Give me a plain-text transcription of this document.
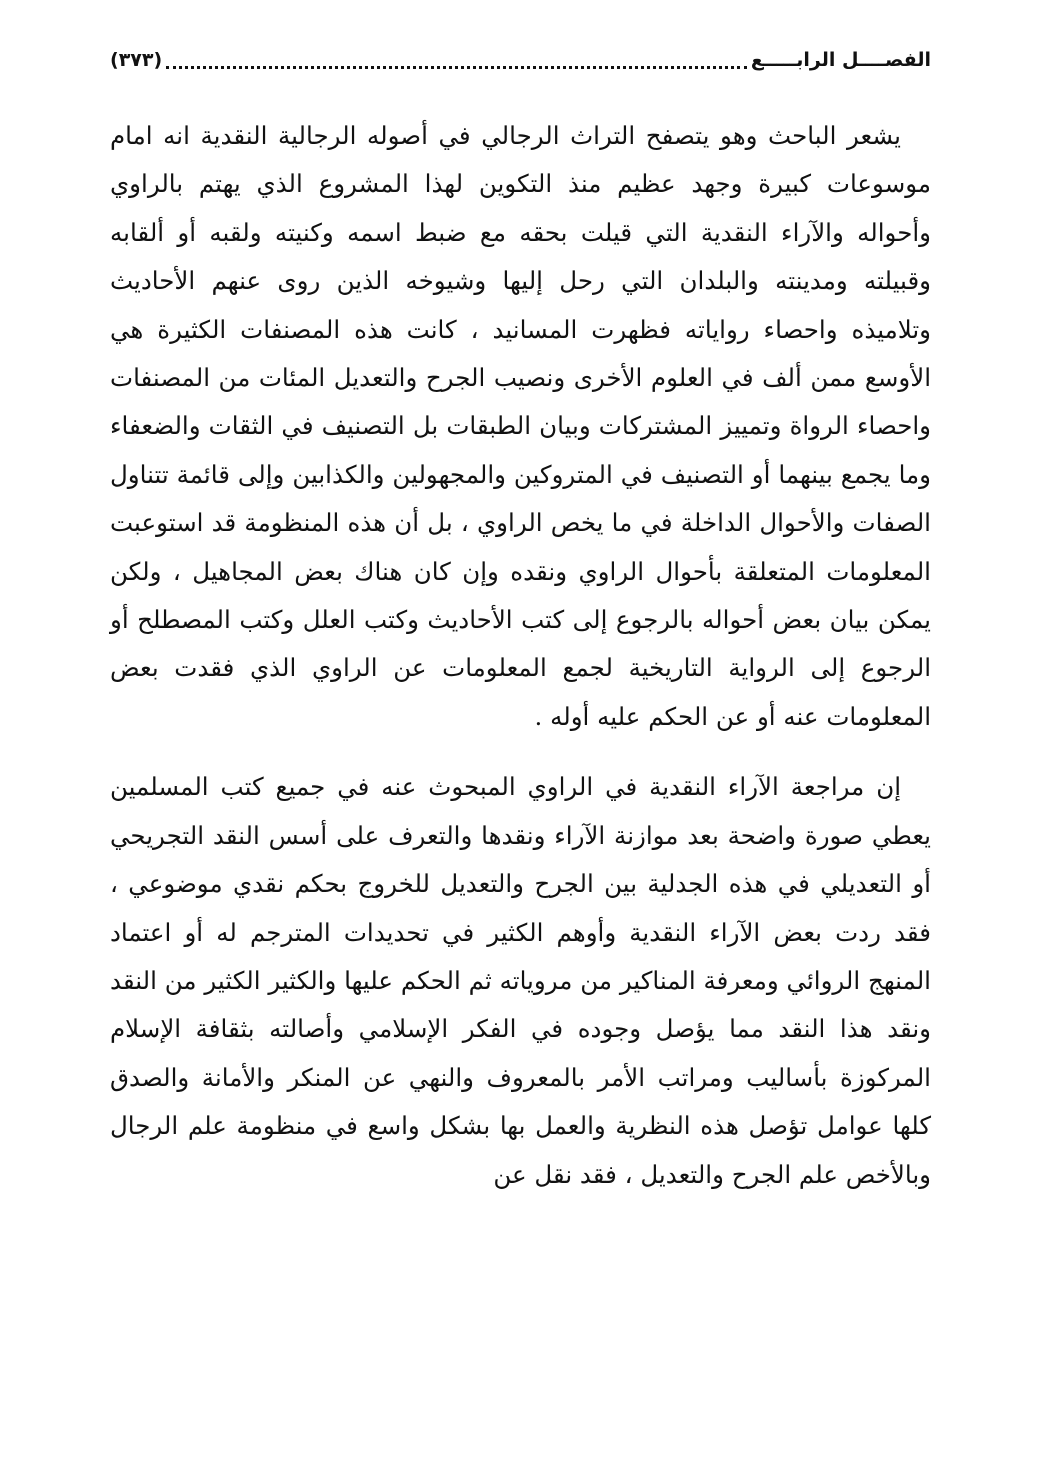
الفصــــل الرابـــــع
(٣٧٣)

يشعر الباحث وهو يتصفح التراث الرجالي في أصوله الرجالية النقدية انه امام موسوعات كبيرة وجهد عظيم منذ التكوين لهذا المشروع الذي يهتم بالراوي وأحواله والآراء النقدية التي قيلت بحقه مع ضبط اسمه وكنيته ولقبه أو ألقابه وقبيلته ومدينته والبلدان التي رحل إليها وشيوخه الذين روى عنهم الأحاديث وتلاميذه واحصاء رواياته فظهرت المسانيد ، كانت هذه المصنفات الكثيرة هي الأوسع ممن ألف في العلوم الأخرى ونصيب الجرح والتعديل المئات من المصنفات واحصاء الرواة وتمييز المشتركات وبيان الطبقات بل التصنيف في الثقات والضعفاء وما يجمع بينهما أو التصنيف في المتروكين والمجهولين والكذابين وإلى قائمة تتناول الصفات والأحوال الداخلة في ما يخص الراوي ، بل أن هذه المنظومة قد استوعبت المعلومات المتعلقة بأحوال الراوي ونقده وإن كان هناك بعض المجاهيل ، ولكن يمكن بيان بعض أحواله بالرجوع إلى كتب الأحاديث وكتب العلل وكتب المصطلح أو الرجوع إلى الرواية التاريخية لجمع المعلومات عن الراوي الذي فقدت بعض المعلومات عنه أو عن الحكم عليه أوله .

إن مراجعة الآراء النقدية في الراوي المبحوث عنه في جميع كتب المسلمين يعطي صورة واضحة بعد موازنة الآراء ونقدها والتعرف على أسس النقد التجريحي أو التعديلي في هذه الجدلية بين الجرح والتعديل للخروج بحكم نقدي موضوعي ، فقد ردت بعض الآراء النقدية وأوهم الكثير في تحديدات المترجم له أو اعتماد المنهج الروائي ومعرفة المناكير من مروياته ثم الحكم عليها والكثير الكثير من النقد ونقد هذا النقد مما يؤصل وجوده في الفكر الإسلامي وأصالته بثقافة الإسلام المركوزة بأساليب ومراتب الأمر بالمعروف والنهي عن المنكر والأمانة والصدق كلها عوامل تؤصل هذه النظرية والعمل بها بشكل واسع في منظومة علم الرجال وبالأخص علم الجرح والتعديل ، فقد نقل عن
